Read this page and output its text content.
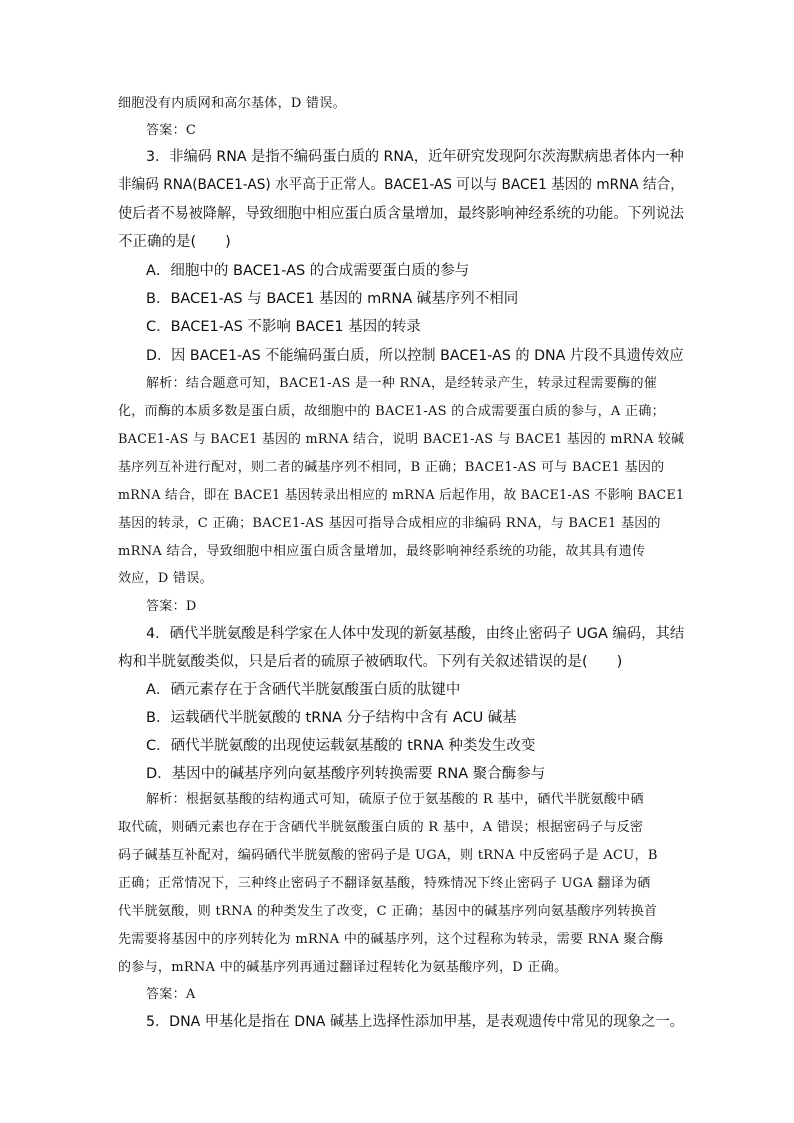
细胞没有内质网和高尔基体，D 错误。
答案：C
3．非编码 RNA 是指不编码蛋白质的 RNA，近年研究发现阿尔茨海默病患者体内一种
非编码 RNA(BACE1-AS) 水平高于正常人。BACE1-AS 可以与 BACE1 基因的 mRNA 结合，
使后者不易被降解，导致细胞中相应蛋白质含量增加，最终影响神经系统的功能。下列说法
不正确的是(　　)
A．细胞中的 BACE1-AS 的合成需要蛋白质的参与
B．BACE1-AS 与 BACE1 基因的 mRNA 碱基序列不相同
C．BACE1-AS 不影响 BACE1 基因的转录
D．因 BACE1-AS 不能编码蛋白质，所以控制 BACE1-AS 的 DNA 片段不具遗传效应
解析：结合题意可知，BACE1-AS 是一种 RNA，是经转录产生，转录过程需要酶的催
化，而酶的本质多数是蛋白质，故细胞中的 BACE1-AS 的合成需要蛋白质的参与，A 正确；
BACE1-AS 与 BACE1 基因的 mRNA 结合，说明 BACE1-AS 与 BACE1 基因的 mRNA 较碱
基序列互补进行配对，则二者的碱基序列不相同，B 正确；BACE1-AS 可与 BACE1 基因的
mRNA 结合，即在 BACE1 基因转录出相应的 mRNA 后起作用，故 BACE1-AS 不影响 BACE1
基因的转录，C 正确；BACE1-AS 基因可指导合成相应的非编码 RNA，与 BACE1 基因的
mRNA 结合，导致细胞中相应蛋白质含量增加，最终影响神经系统的功能，故其具有遗传
效应，D 错误。
答案：D
4．硒代半胱氨酸是科学家在人体中发现的新氨基酸，由终止密码子 UGA 编码，其结
构和半胱氨酸类似，只是后者的硫原子被硒取代。下列有关叙述错误的是(　　)
A．硒元素存在于含硒代半胱氨酸蛋白质的肽键中
B．运载硒代半胱氨酸的 tRNA 分子结构中含有 ACU 碱基
C．硒代半胱氨酸的出现使运载氨基酸的 tRNA 种类发生改变
D．基因中的碱基序列向氨基酸序列转换需要 RNA 聚合酶参与
解析：根据氨基酸的结构通式可知，硫原子位于氨基酸的 R 基中，硒代半胱氨酸中硒
取代硫，则硒元素也存在于含硒代半胱氨酸蛋白质的 R 基中，A 错误；根据密码子与反密
码子碱基互补配对，编码硒代半胱氨酸的密码子是 UGA，则 tRNA 中反密码子是 ACU，B
正确；正常情况下，三种终止密码子不翻译氨基酸，特殊情况下终止密码子 UGA 翻译为硒
代半胱氨酸，则 tRNA 的种类发生了改变，C 正确；基因中的碱基序列向氨基酸序列转换首
先需要将基因中的序列转化为 mRNA 中的碱基序列，这个过程称为转录，需要 RNA 聚合酶
的参与，mRNA 中的碱基序列再通过翻译过程转化为氨基酸序列，D 正确。
答案：A
5．DNA 甲基化是指在 DNA 碱基上选择性添加甲基，是表观遗传中常见的现象之一。
